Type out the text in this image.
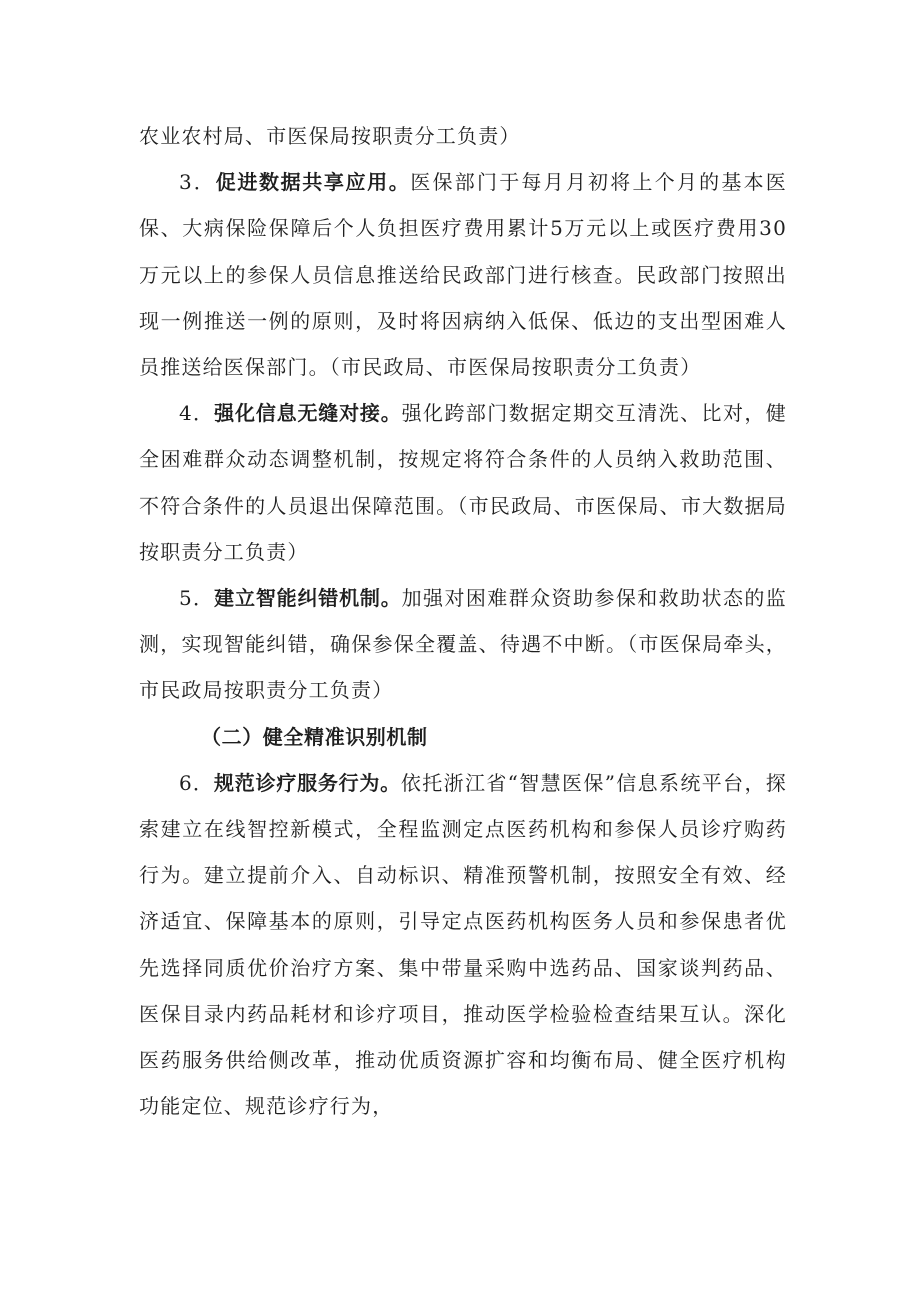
农业农村局、市医保局按职责分工负责）

3．促进数据共享应用。医保部门于每月月初将上个月的基本医保、大病保险保障后个人负担医疗费用累计5万元以上或医疗费用30万元以上的参保人员信息推送给民政部门进行核查。民政部门按照出现一例推送一例的原则，及时将因病纳入低保、低边的支出型困难人员推送给医保部门。（市民政局、市医保局按职责分工负责）

4．强化信息无缝对接。强化跨部门数据定期交互清洗、比对，健全困难群众动态调整机制，按规定将符合条件的人员纳入救助范围、不符合条件的人员退出保障范围。（市民政局、市医保局、市大数据局按职责分工负责）

5．建立智能纠错机制。加强对困难群众资助参保和救助状态的监测，实现智能纠错，确保参保全覆盖、待遇不中断。（市医保局牵头，市民政局按职责分工负责）

（二）健全精准识别机制

6．规范诊疗服务行为。依托浙江省“智慧医保”信息系统平台，探索建立在线智控新模式，全程监测定点医药机构和参保人员诊疗购药行为。建立提前介入、自动标识、精准预警机制，按照安全有效、经济适宜、保障基本的原则，引导定点医药机构医务人员和参保患者优先选择同质优价治疗方案、集中带量采购中选药品、国家谈判药品、医保目录内药品耗材和诊疗项目，推动医学检验检查结果互认。深化医药服务供给侧改革，推动优质资源扩容和均衡布局、健全医疗机构功能定位、规范诊疗行为，
